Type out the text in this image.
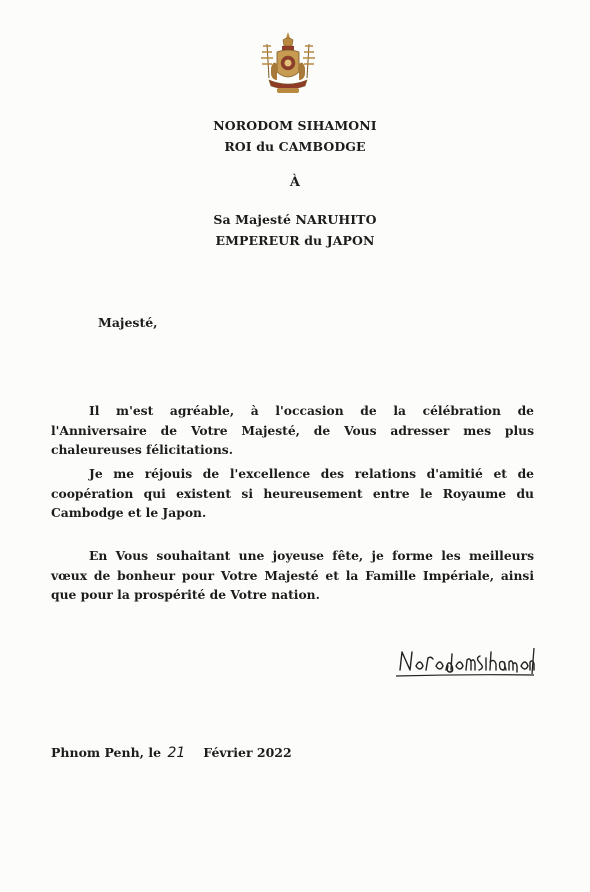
NORODOM SIHAMONI
ROI du CAMBODGE
À
Sa Majesté NARUHITO
EMPEREUR du JAPON
Majesté,

Il m'est agréable, à l'occasion de la célébration de l'Anniversaire de Votre Majesté, de Vous adresser mes plus chaleureuses félicitations.

Je me réjouis de l'excellence des relations d'amitié et de coopération qui existent si heureusement entre le Royaume du Cambodge et le Japon.

En Vous souhaitant une joyeuse fête, je forme les meilleurs vœux de bonheur pour Votre Majesté et la Famille Impériale, ainsi que pour la prospérité de Votre nation.

Phnom Penh, le 21 Février 2022
